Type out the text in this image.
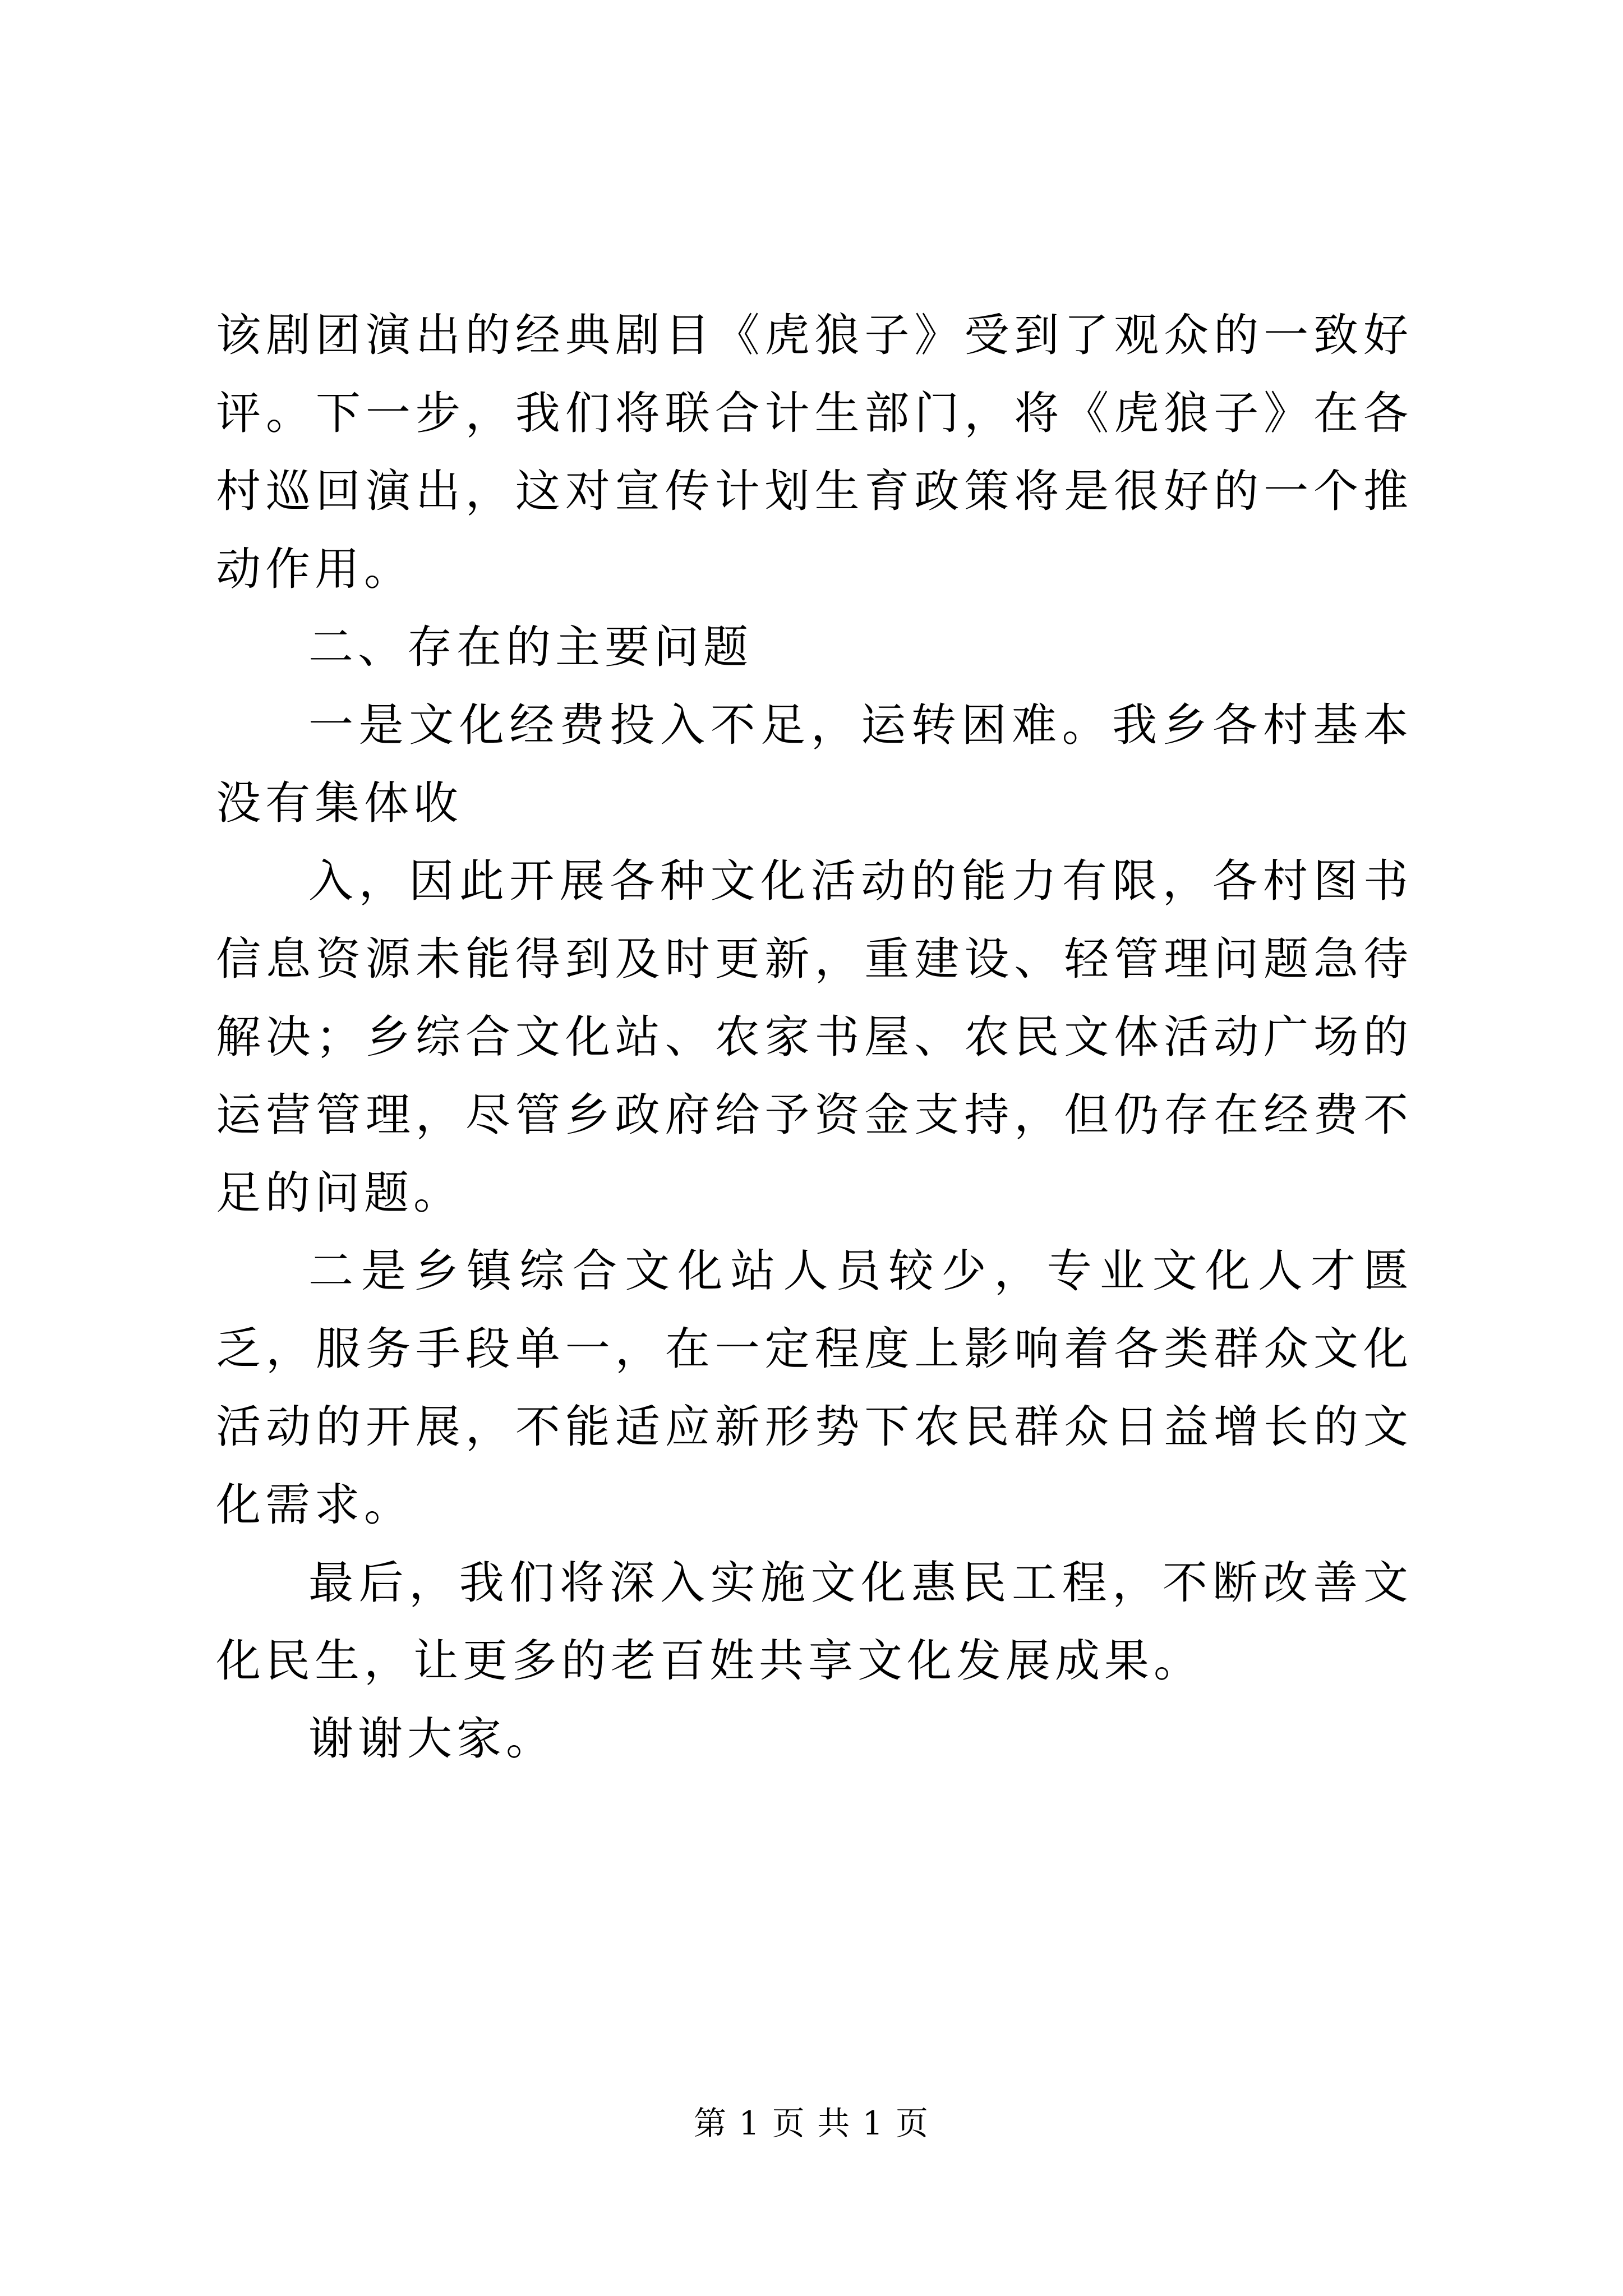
该剧团演出的经典剧目《虎狼子》受到了观众的一致好评。下一步，我们将联合计生部门，将《虎狼子》在各村巡回演出，这对宣传计划生育政策将是很好的一个推动作用。

二、存在的主要问题

一是文化经费投入不足，运转困难。我乡各村基本没有集体收

入，因此开展各种文化活动的能力有限，各村图书信息资源未能得到及时更新，重建设、轻管理问题急待解决；乡综合文化站、农家书屋、农民文体活动广场的运营管理，尽管乡政府给予资金支持，但仍存在经费不足的问题。

二是乡镇综合文化站人员较少，专业文化人才匮乏，服务手段单一，在一定程度上影响着各类群众文化活动的开展，不能适应新形势下农民群众日益增长的文化需求。

最后，我们将深入实施文化惠民工程，不断改善文化民生，让更多的老百姓共享文化发展成果。

谢谢大家。

第 1 页 共 1 页
